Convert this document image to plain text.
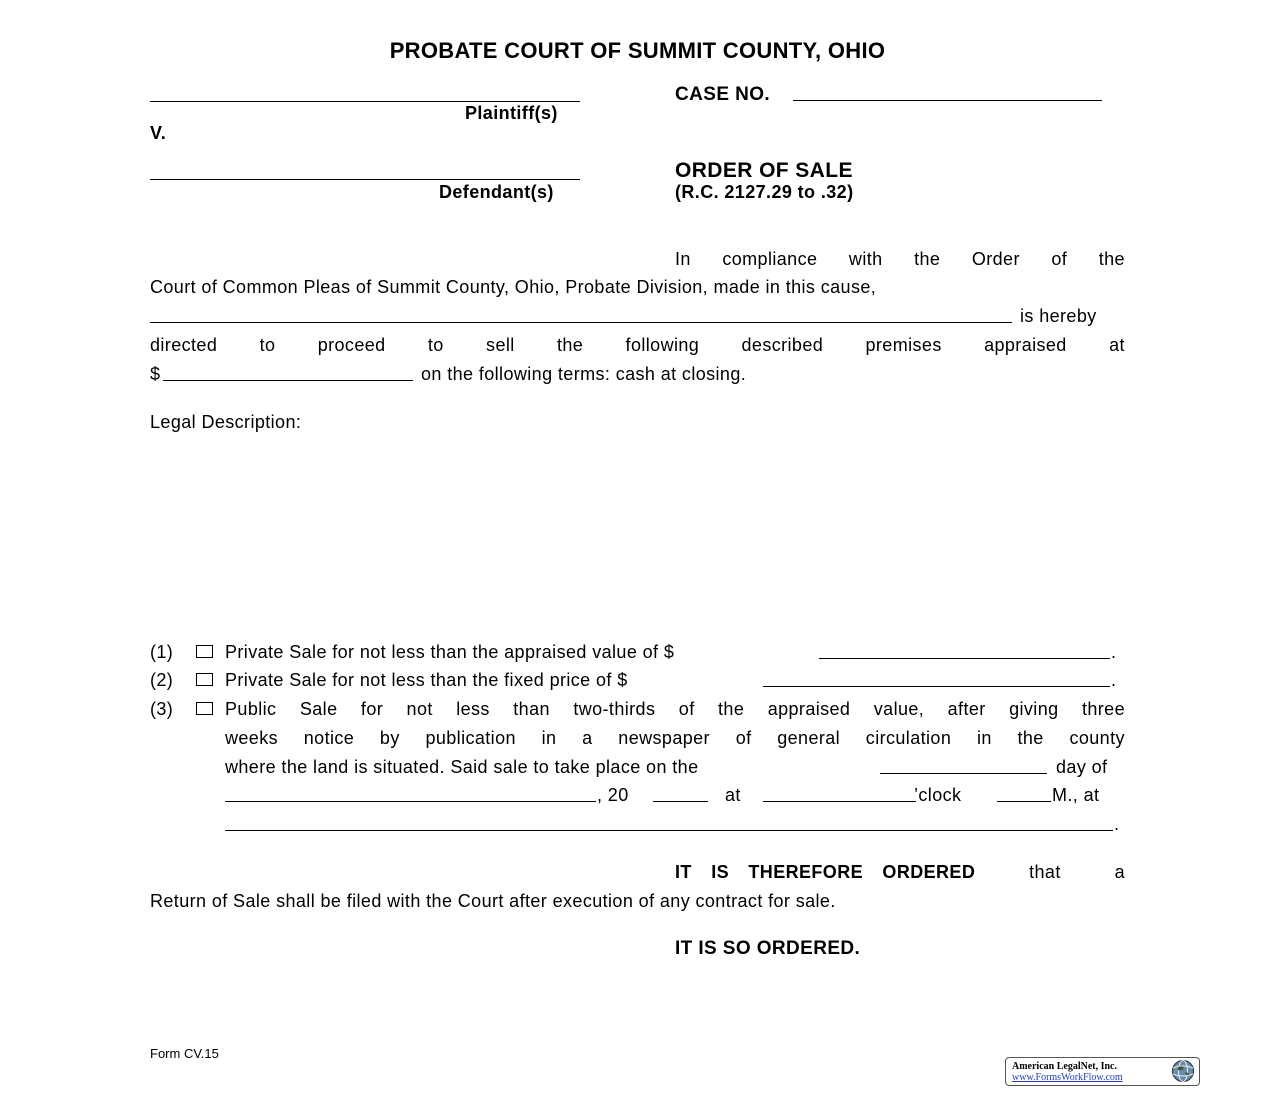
PROBATE COURT OF SUMMIT COUNTY, OHIO
Plaintiff(s)
V.
Defendant(s)
CASE NO.
ORDER OF SALE
(R.C. 2127.29 to .32)
In compliance with the Order of the
Court of Common Pleas of Summit County, Ohio, Probate Division, made in this cause,
is hereby
directed to proceed to sell the following described premises appraised at
$	on the following terms: cash at closing.
Legal Description:
(1)	Private Sale for not less than the appraised value of $	.
(2)	Private Sale for not less than the fixed price of $	.
(3)	Public Sale for not less than two-thirds of the appraised value, after giving three
weeks notice by publication in a newspaper of general circulation in the county
where the land is situated. Said sale to take place on the	day of
, 20	at	’clock	M., at
.
IT IS THEREFORE ORDERED	that	a
Return of Sale shall be filed with the Court after execution of any contract for sale.
IT IS SO ORDERED.
Form CV.15
American LegalNet, Inc.
www.FormsWorkFlow.com
